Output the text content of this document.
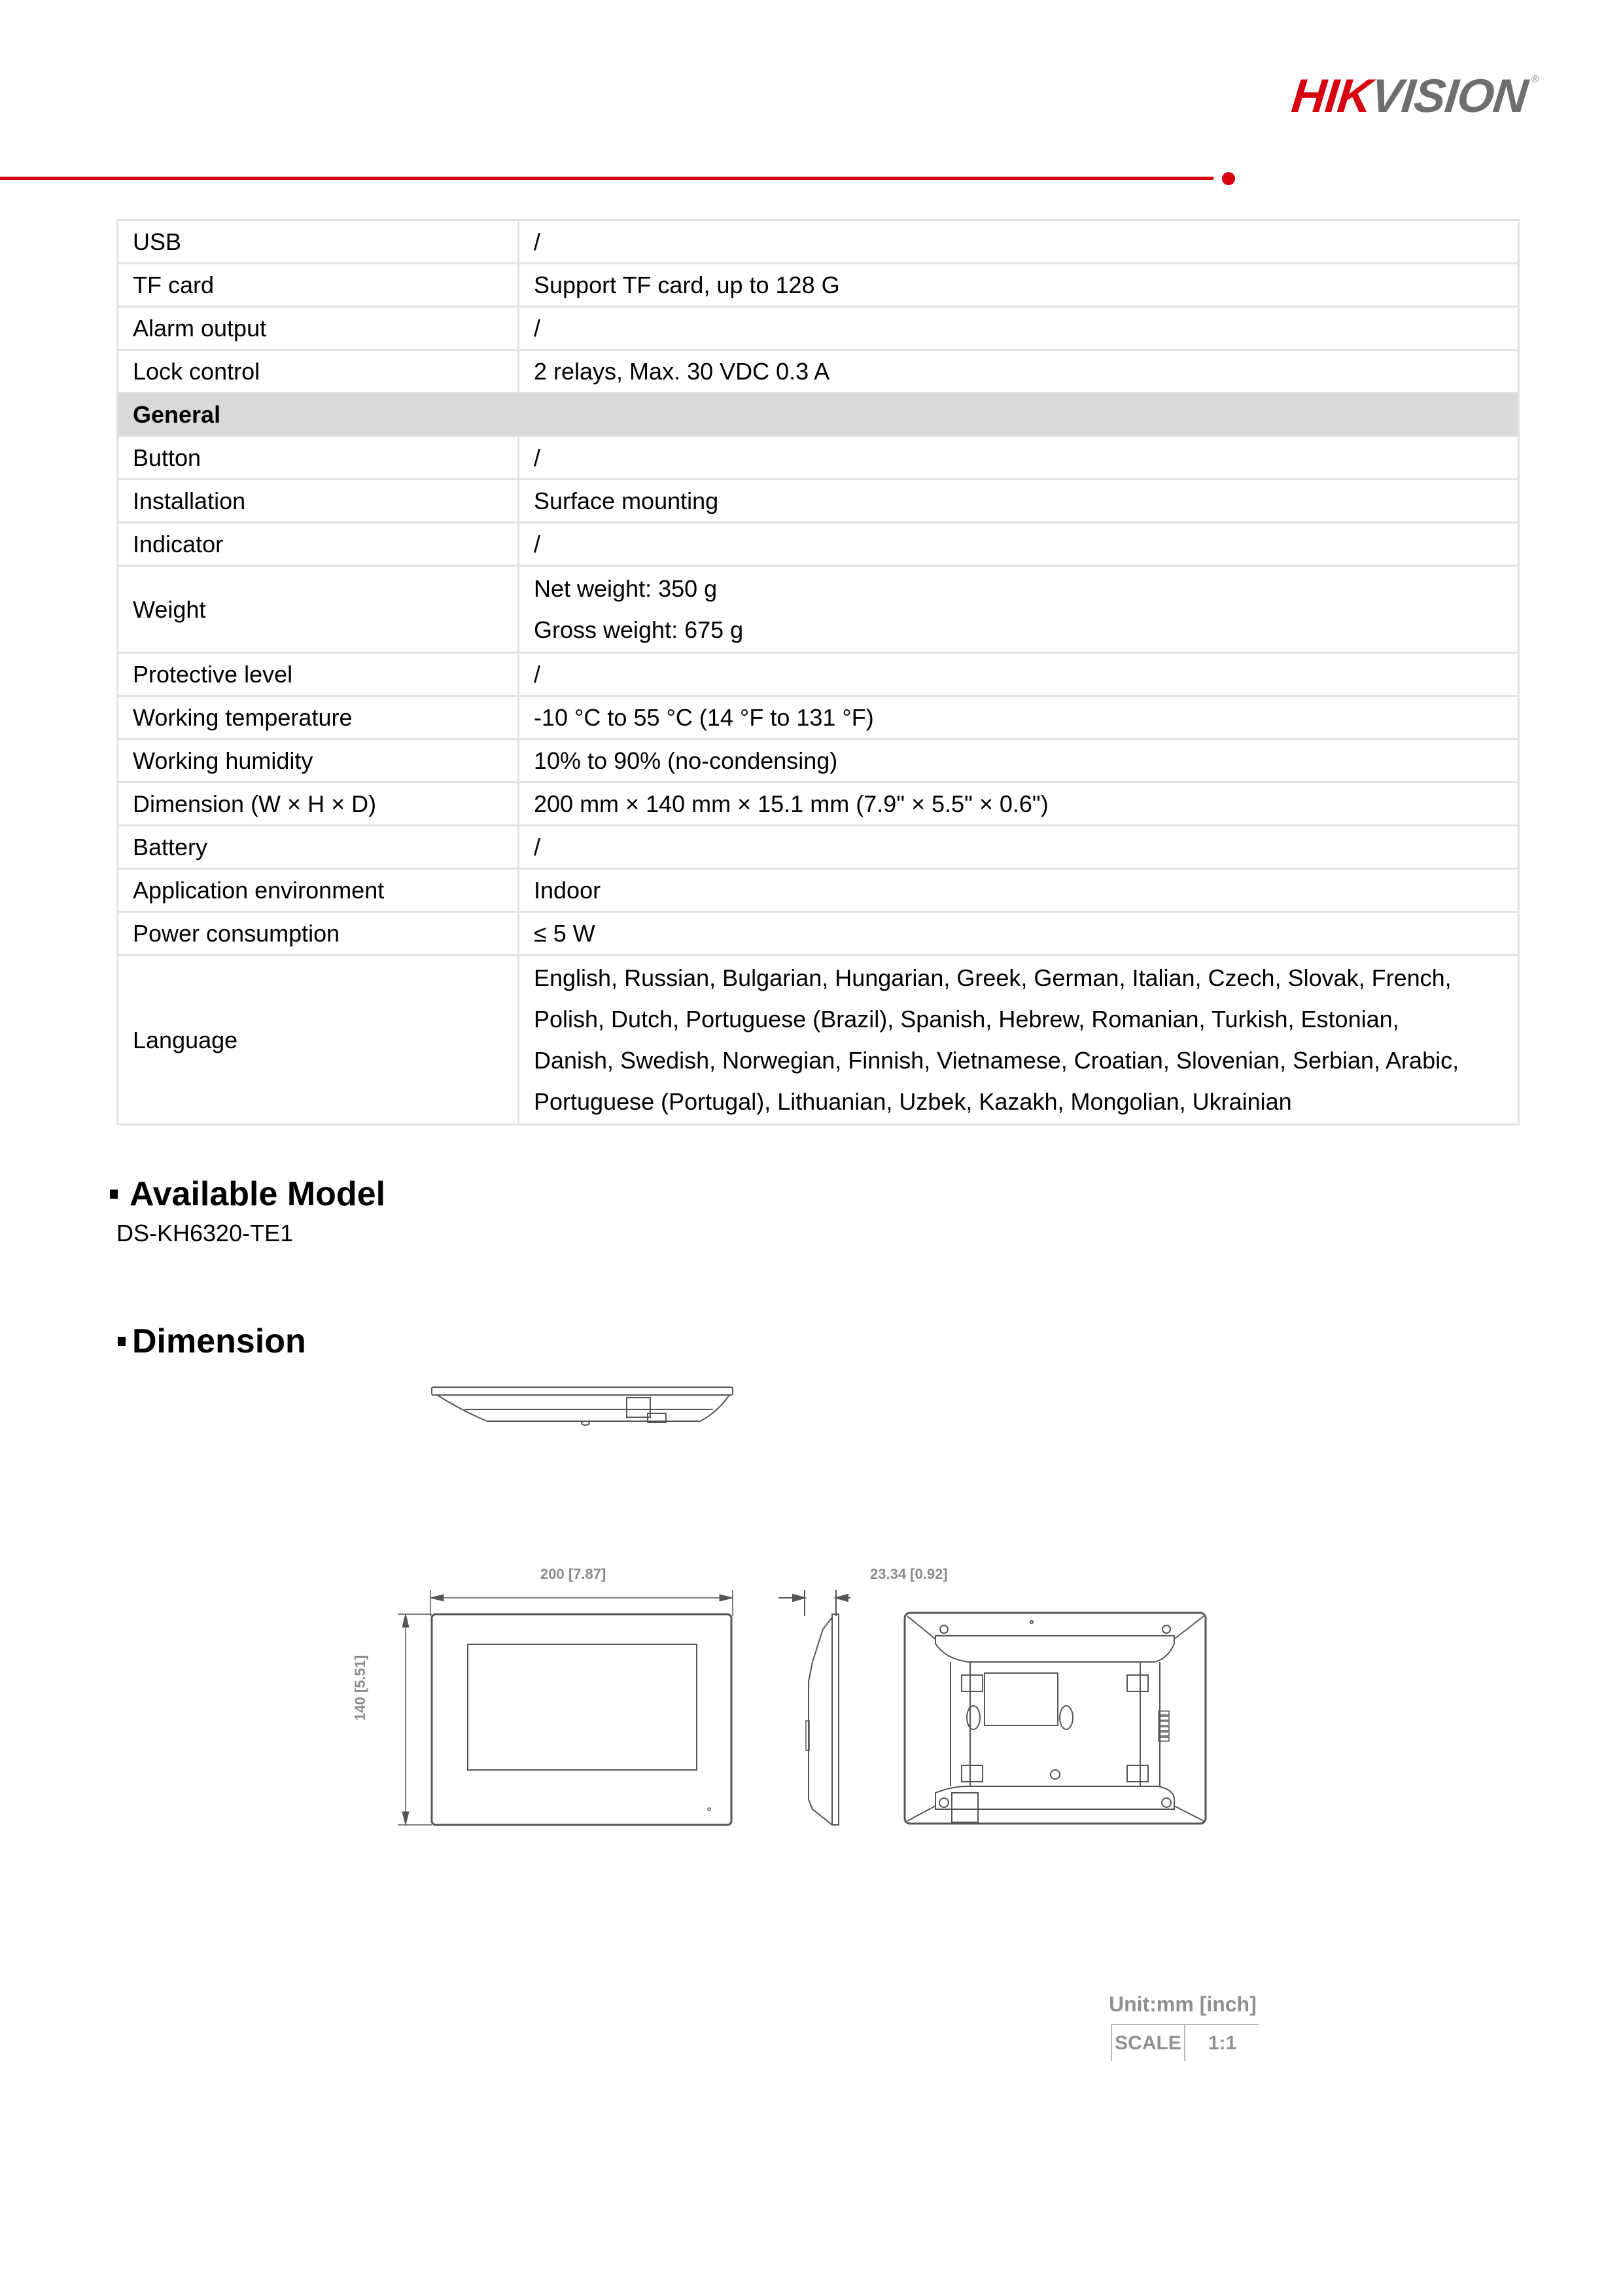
HIK
VISION ®
USB	/
TF card	Support TF card, up to 128 G
Alarm output	/
Lock control	2 relays, Max. 30 VDC 0.3 A
General	
Button	/
Installation	Surface mounting
Indicator	/
Weight	Net weight: 350 g
Gross weight: 675 g

Protective level	/
Working temperature	-10 °C to 55 °C (14 °F to 131 °F)
Working humidity	10% to 90% (no-condensing)
Dimension (W × H × D)	200 mm × 140 mm × 15.1 mm (7.9" × 5.5" × 0.6")
Battery	/
Application environment	Indoor
Power consumption	≤ 5 W
Language	English, Russian, Bulgarian, Hungarian, Greek, German, Italian, Czech, Slovak, French,
Polish, Dutch, Portuguese (Brazil), Spanish, Hebrew, Romanian, Turkish, Estonian,
Danish, Swedish, Norwegian, Finnish, Vietnamese, Croatian, Slovenian, Serbian, Arabic,
Portuguese (Portugal), Lithuanian, Uzbek, Kazakh, Mongolian, Ukrainian
Available Model
DS-KH6320-TE1
Dimension
200 [7.87]	23.34 [0.92]
140 [5.51]
Unit:mm [inch]
SCALE	1:1
